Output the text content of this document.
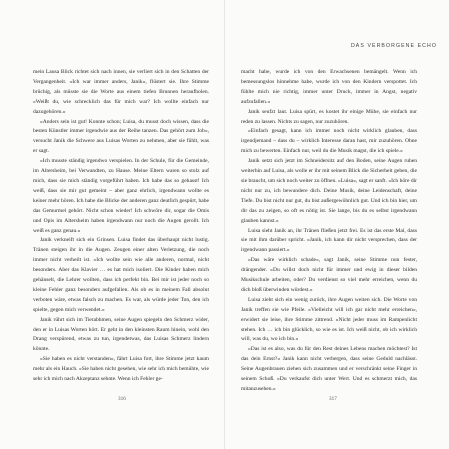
mein Lausa Blick richtet sich nach innen, sie verliert sich in den Schatten der Vergangenheit. »Ich war immer anders, Janik«, flüstert sie. Ihre Stimme brüchig, als müsste sie die Worte aus einem tiefen Brunnen heraufholen. »Weißt du, wie schrecklich das für mich war? Ich wollte einfach nur dazugehören.«

»Anders sein ist gut! Konnte schon; Luisa, du musst doch wissen, dass die besten Künstler immer irgendwie aus der Reihe tanzen. Das gehört zum Job«, versucht Janik die Schwere aus Luisas Worten zu nehmen, aber sie fühlt, was er sagt.

»Ich musste ständig irgendwo verspielen. In der Schule, für die Gemeinde, im Altersheim, bei Verwandten, zu Hause. Meine Eltern waren so stolz auf mich, dass sie mich ständig vorgeführt haben. Ich habe das so gehasst! Ich weiß, dass sie mir gut gemeint – aber ganz ehrlich, irgendwann wollte es keiner mehr hören. Ich habe die Blicke der anderen ganz deutlich gespürt, habe das Gemurmel gehört. Nicht schon wieder! Ich schwöre dir, sogar die Omis und Opis im Altersheim haben irgendwann nur noch die Augen gerollt. Ich weiß es ganz genau.«

Janik verkneift sich ein Grinsen. Luisa findet das überhaupt nicht lustig. Tränen steigen ihr in die Augen. Zeugen einer alten Verletzung, die noch immer nicht verheilt ist. »Ich wollte sein wie alle anderen, normal, nicht besonders. Aber das Klavier … es hat mich isoliert. Die Kinder haben mich gehänselt, die Lehrer wollten, dass ich perfekt bin. Bei mir ist jeder noch so kleine Fehler ganz besonders aufgefallen. Als ob es in meinem Fall absolut verboten wäre, etwas falsch zu machen. Es war, als würde jeder Ton, den ich spielte, gegen mich verwendet.«

Janik rührt sich im Tierabhmen, seine Augen spiegeln den Schmerz wider, den er in Luisas Worten hört. Er geht in den kleinsten Raum hinein, wohl den Drang verspürend, etwas zu tun, irgendetwas, das Luisas Schmerz lindern könnte.

»Sie haben es nicht verstanden«, fährt Luisa fort, ihre Stimme jetzt kaum mehr als ein Hauch. »Sie haben nicht gesehen, wie sehr ich mich bemühte, wie sehr ich mich nach Akzeptanz sehnte. Wenn ich Fehler ge-

316
DAS VERBORGENE ECHO

macht habe, wurde ich von den Erwachsenen bemängelt. Wenn ich bemessungslos hinnehme habe, wurde ich von den Kindern verspottet. Ich fühlte mich nie richtig, immer unter Druck, immer in Angst, negativ aufzufallen.«

Janik seufzt laut. Luisa spürt, es kostet ihr einige Mühe, sie einfach nur reden zu lassen. Nichts zu sagen, nur zuzuhören.

»Einfach gesagt, kann ich immer noch nicht wirklich glauben, dass irgendjemand – dass du – wirklich Interesse daran hast, mir zuzuhören. Ohne mich zu bewerten. Einfach nur, weil du die Musik magst, die ich spiele.«

Janik setzt sich jetzt im Schneidersitz auf den Boden, seine Augen ruhen weiterhin auf Luisa, als wolle er ihr mit seinem Blick die Sicherheit geben, die sie braucht, um sich noch weiter zu öffnen. »Luisa«, sagt er sanft. »Ich höre dir nicht nur zu, ich bewundere dich. Deine Musik, deine Leidenschaft, deine Tiefe. Du bist nicht nur gut, du bist außergewöhnlich gut. Und ich bin hier, um dir das zu zeigen, so oft es nötig ist. Sie lange, bis du es selbst irgendwann glauben kannst.«

Luisa sieht Janik an, ihr Tränen fließen jetzt frei. Es ist das erste Mal, dass sie mit ihm darüber spricht. »Janik, ich kann dir nicht versprechen, dass der irgendwann passiert.«

»Das wäre wirklich schade«, sagt Janik, seine Stimme nun fester, drängender. »Du willst doch nicht für immer und ewig in dieser bilden Musikschule arbeiten, oder? Du verdienst so viel mehr erreichen, wenn du dich bloß überwinden würdest.«

Luisa zieht sich ein wenig zurück, ihre Augen weiten sich. Die Worte von Janik treffen sie wie Pfeile. »Vielleicht will ich gar nicht mehr erreichen«, erwidert sie leise, ihre Stimme zittrend. »Nicht jeder muss im Rampenlicht stehen. Ich … ich bin glücklich, so wie es ist. Ich weiß nicht, ob ich wirklich will, was du, wo ich bin.«

»Das ist es also, was du für den Rest deines Lebens machen möchtest? Ist das dein Ernst?« Janik kann nicht verbergen, dass seine Geduld nachlässt. Seine Augenbrauen ziehen sich zusammen und er verschränkt seine Finger in seinem Schoß. »Du verkaufst dich unter Wert. Und es schmerzt mich, das mitanzusehen.«

317
